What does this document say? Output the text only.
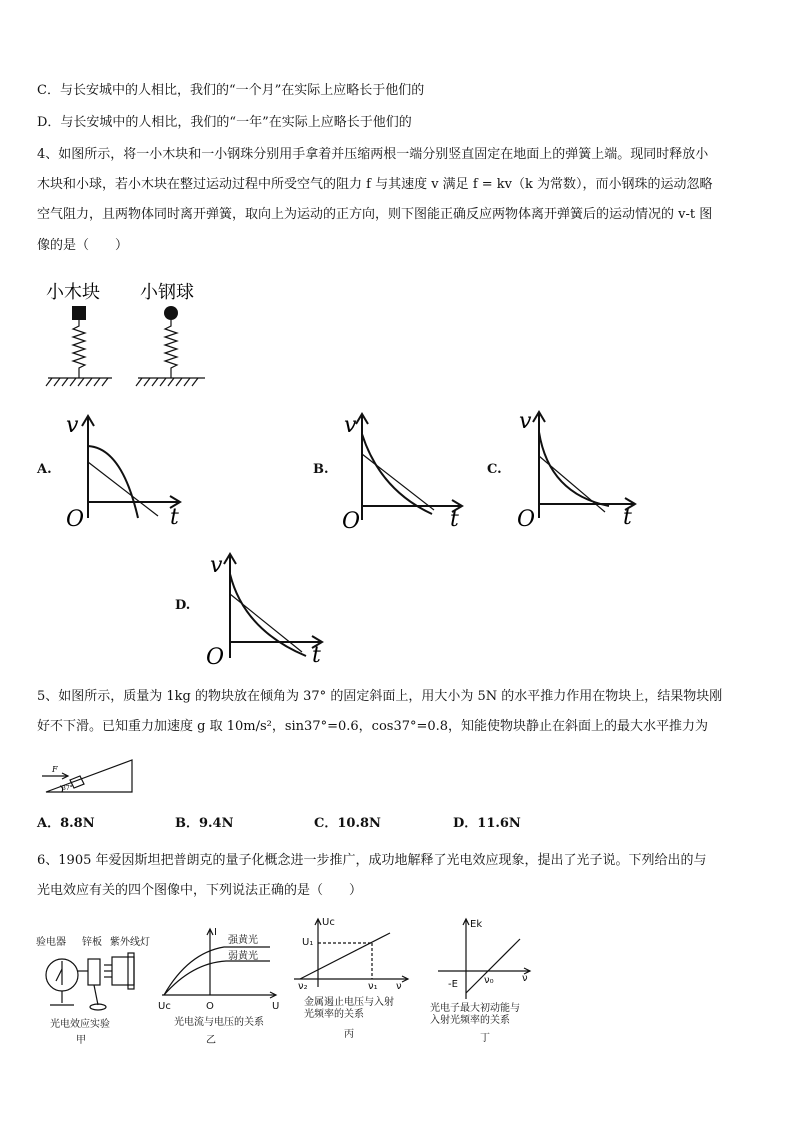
C．与长安城中的人相比，我们的“一个月”在实际上应略长于他们的
D．与长安城中的人相比，我们的“一年”在实际上应略长于他们的
4、如图所示，将一小木块和一小钢珠分别用手拿着并压缩两根一端分别竖直固定在地面上的弹簧上端。现同时释放小
木块和小球，若小木块在整过运动过程中所受空气的阻力 f 与其速度 v 满足 f = kv（k 为常数），而小钢珠的运动忽略
空气阻力，且两物体同时离开弹簧，取向上为运动的正方向，则下图能正确反应两物体离开弹簧后的运动情况的 v-t 图
像的是（　　）
小木块 小钢球
A.
v
O	t
B.
v
O	t
C.
v
O	t
D.
v
O	t
5、如图所示，质量为 1kg 的物块放在倾角为 37° 的固定斜面上，用大小为 5N 的水平推力作用在物块上，结果物块刚
好不下滑。已知重力加速度 g 取 10m/s²，sin37°=0.6，cos37°=0.8，知能使物块静止在斜面上的最大水平推力为
F
37°
A．8.8N	B．9.4N	C．10.8N	D．11.6N
6、1905 年爱因斯坦把普朗克的量子化概念进一步推广，成功地解释了光电效应现象，提出了光子说。下列给出的与
光电效应有关的四个图像中，下列说法正确的是（　　）
验电器 锌板 紫外线灯
光电效应实验
甲
I
强黄光
弱黄光
Uc	O	U
光电流与电压的关系
乙
Uc
U₁
ν₂	ν₁ ν
金属遏止电压与入射
光频率的关系
丙
Ek
-E	ν₀	ν
光电子最大初动能与
入射光频率的关系
丁
